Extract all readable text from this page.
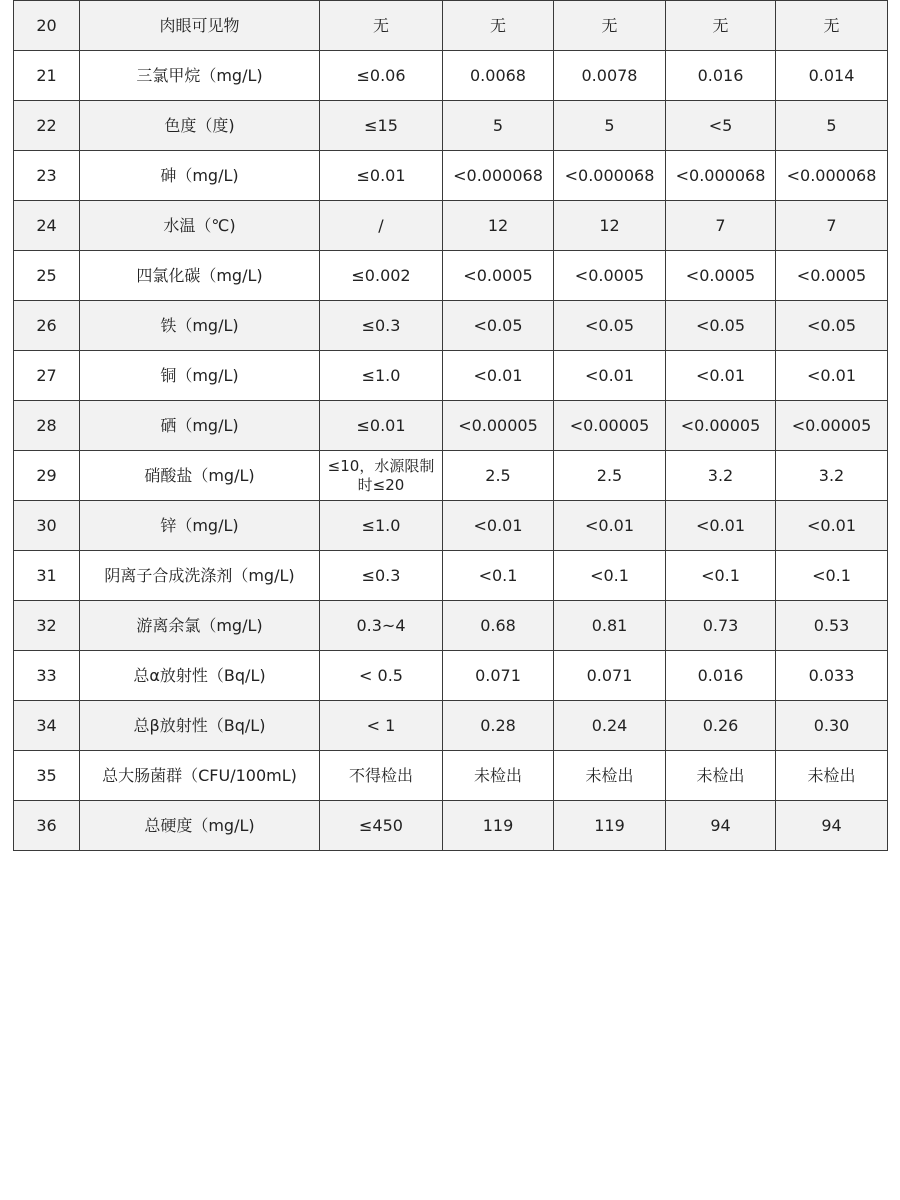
20	肉眼可见物	无	无	无	无	无
21	三氯甲烷（mg/L)	≤0.06	0.0068	0.0078	0.016	0.014
22	色度（度)	≤15	5	5	<5	5
23	砷（mg/L)	≤0.01	<0.000068	<0.000068	<0.000068	<0.000068
24	水温（℃)	/	12	12	7	7
25	四氯化碳（mg/L)	≤0.002	<0.0005	<0.0005	<0.0005	<0.0005
26	铁（mg/L)	≤0.3	<0.05	<0.05	<0.05	<0.05
27	铜（mg/L)	≤1.0	<0.01	<0.01	<0.01	<0.01
28	硒（mg/L)	≤0.01	<0.00005	<0.00005	<0.00005	<0.00005
29	硝酸盐（mg/L)	≤10，水源限制时≤20	2.5	2.5	3.2	3.2
30	锌（mg/L)	≤1.0	<0.01	<0.01	<0.01	<0.01
31	阴离子合成洗涤剂（mg/L)	≤0.3	<0.1	<0.1	<0.1	<0.1
32	游离余氯（mg/L)	0.3~4	0.68	0.81	0.73	0.53
33	总α放射性（Bq/L)	< 0.5	0.071	0.071	0.016	0.033
34	总β放射性（Bq/L)	< 1	0.28	0.24	0.26	0.30
35	总大肠菌群（CFU/100mL)	不得检出	未检出	未检出	未检出	未检出
36	总硬度（mg/L)	≤450	119	119	94	94
